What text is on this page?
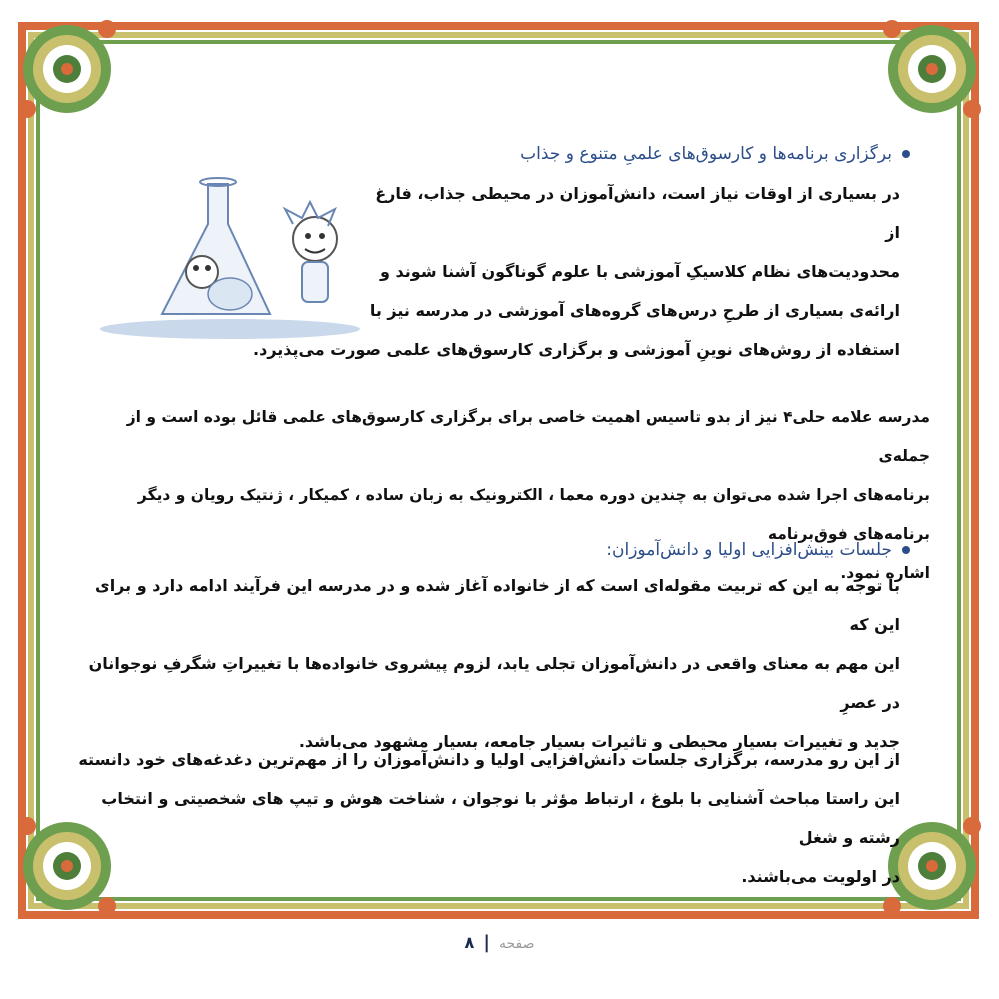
برگزاری برنامه‌ها و کارسوق‌های علمیِ متنوع و جذاب

در بسیاری از اوقات نیاز است، دانش‌آموزان در محیطی جذاب، فارغ از

محدودیت‌های نظام کلاسیکِ آموزشی با علوم گوناگون آشنا شوند و

ارائه‌ی بسیاری از طرحِ درس‌های گروه‌های آموزشی در مدرسه نیز با

استفاده از روش‌های نوینِ آموزشی و برگزاری کارسوق‌های علمی صورت می‌پذیرد.

مدرسه علامه حلی۴ نیز از بدو تاسیس اهمیت خاصی برای برگزاری کارسوق‌های علمی قائل بوده است و از جمله‌ی

برنامه‌های اجرا شده می‌توان به چندین دوره معما ، الکترونیک به زبان ساده ، کمیکار ، ژنتیک رویان و دیگر برنامه‌های فوق‌برنامه

اشاره نمود.

جلسات بینش‌افزایی اولیا و دانش‌آموزان:

با توجه به این که تربیت مقوله‌ای است که از خانواده آغاز شده و در مدرسه این فرآیند ادامه دارد و برای این که

این مهم به معنای واقعی در دانش‌آموزان تجلی یابد، لزوم پیشروی خانواده‌ها با تغییراتِ شگرفِ نوجوانان در عصرِ

جدید و تغییرات بسیار محیطی و تاثیرات بسیار جامعه، بسیار مشهود می‌باشد.

از این رو مدرسه، برگزاری جلسات دانش‌افزایی اولیا و دانش‌آموزان را از مهم‌ترین دغدغه‌های خود دانسته

این راستا مباحث آشنایی با بلوغ ، ارتباط مؤثر با نوجوان ، شناخت هوش و تیپ های شخصیتی و انتخاب رشته و شغل

در اولویت می‌باشند.

صفحه | ۸
